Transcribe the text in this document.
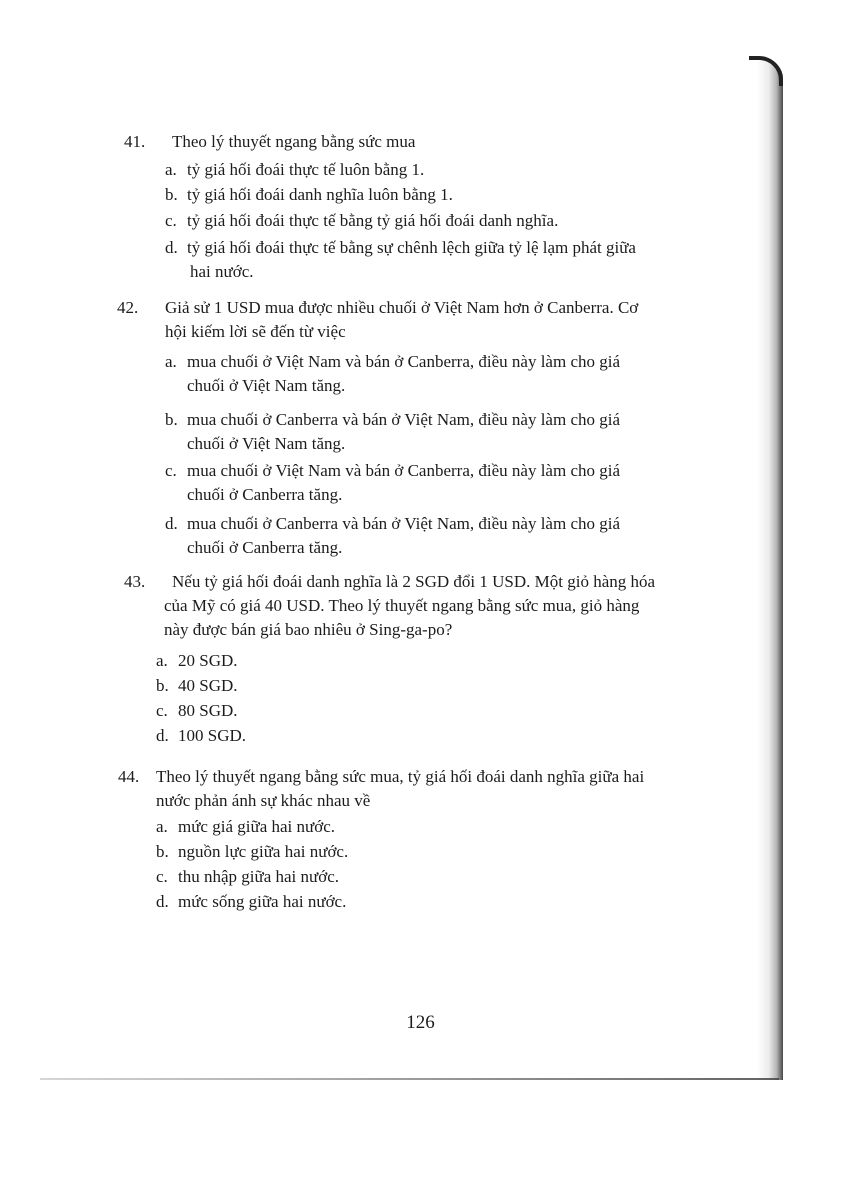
41.	Theo lý thuyết ngang bằng sức mua
a. tỷ giá hối đoái thực tế luôn bằng 1.
b. tỷ giá hối đoái danh nghĩa luôn bằng 1.
c. tỷ giá hối đoái thực tế bằng tỷ giá hối đoái danh nghĩa.
d. tỷ giá hối đoái thực tế bằng sự chênh lệch giữa tỷ lệ lạm phát giữa
hai nước.
42.	Giả sử 1 USD mua được nhiều chuối ở Việt Nam hơn ở Canberra. Cơ
hội kiếm lời sẽ đến từ việc
a. mua chuối ở Việt Nam và bán ở Canberra, điều này làm cho giá
chuối ở Việt Nam tăng.
b. mua chuối ở Canberra và bán ở Việt Nam, điều này làm cho giá
chuối ở Việt Nam tăng.
c. mua chuối ở Việt Nam và bán ở Canberra, điều này làm cho giá
chuối ở Canberra tăng.
d. mua chuối ở Canberra và bán ở Việt Nam, điều này làm cho giá
chuối ở Canberra tăng.
43.	Nếu tỷ giá hối đoái danh nghĩa là 2 SGD đổi 1 USD. Một giỏ hàng hóa
của Mỹ có giá 40 USD. Theo lý thuyết ngang bằng sức mua, giỏ hàng
này được bán giá bao nhiêu ở Sing-ga-po?
a. 20 SGD.
b. 40 SGD.
c. 80 SGD.
d. 100 SGD.
44. Theo lý thuyết ngang bằng sức mua, tỷ giá hối đoái danh nghĩa giữa hai
nước phản ánh sự khác nhau về
a. mức giá giữa hai nước.
b. nguồn lực giữa hai nước.
c. thu nhập giữa hai nước.
d. mức sống giữa hai nước.
126
